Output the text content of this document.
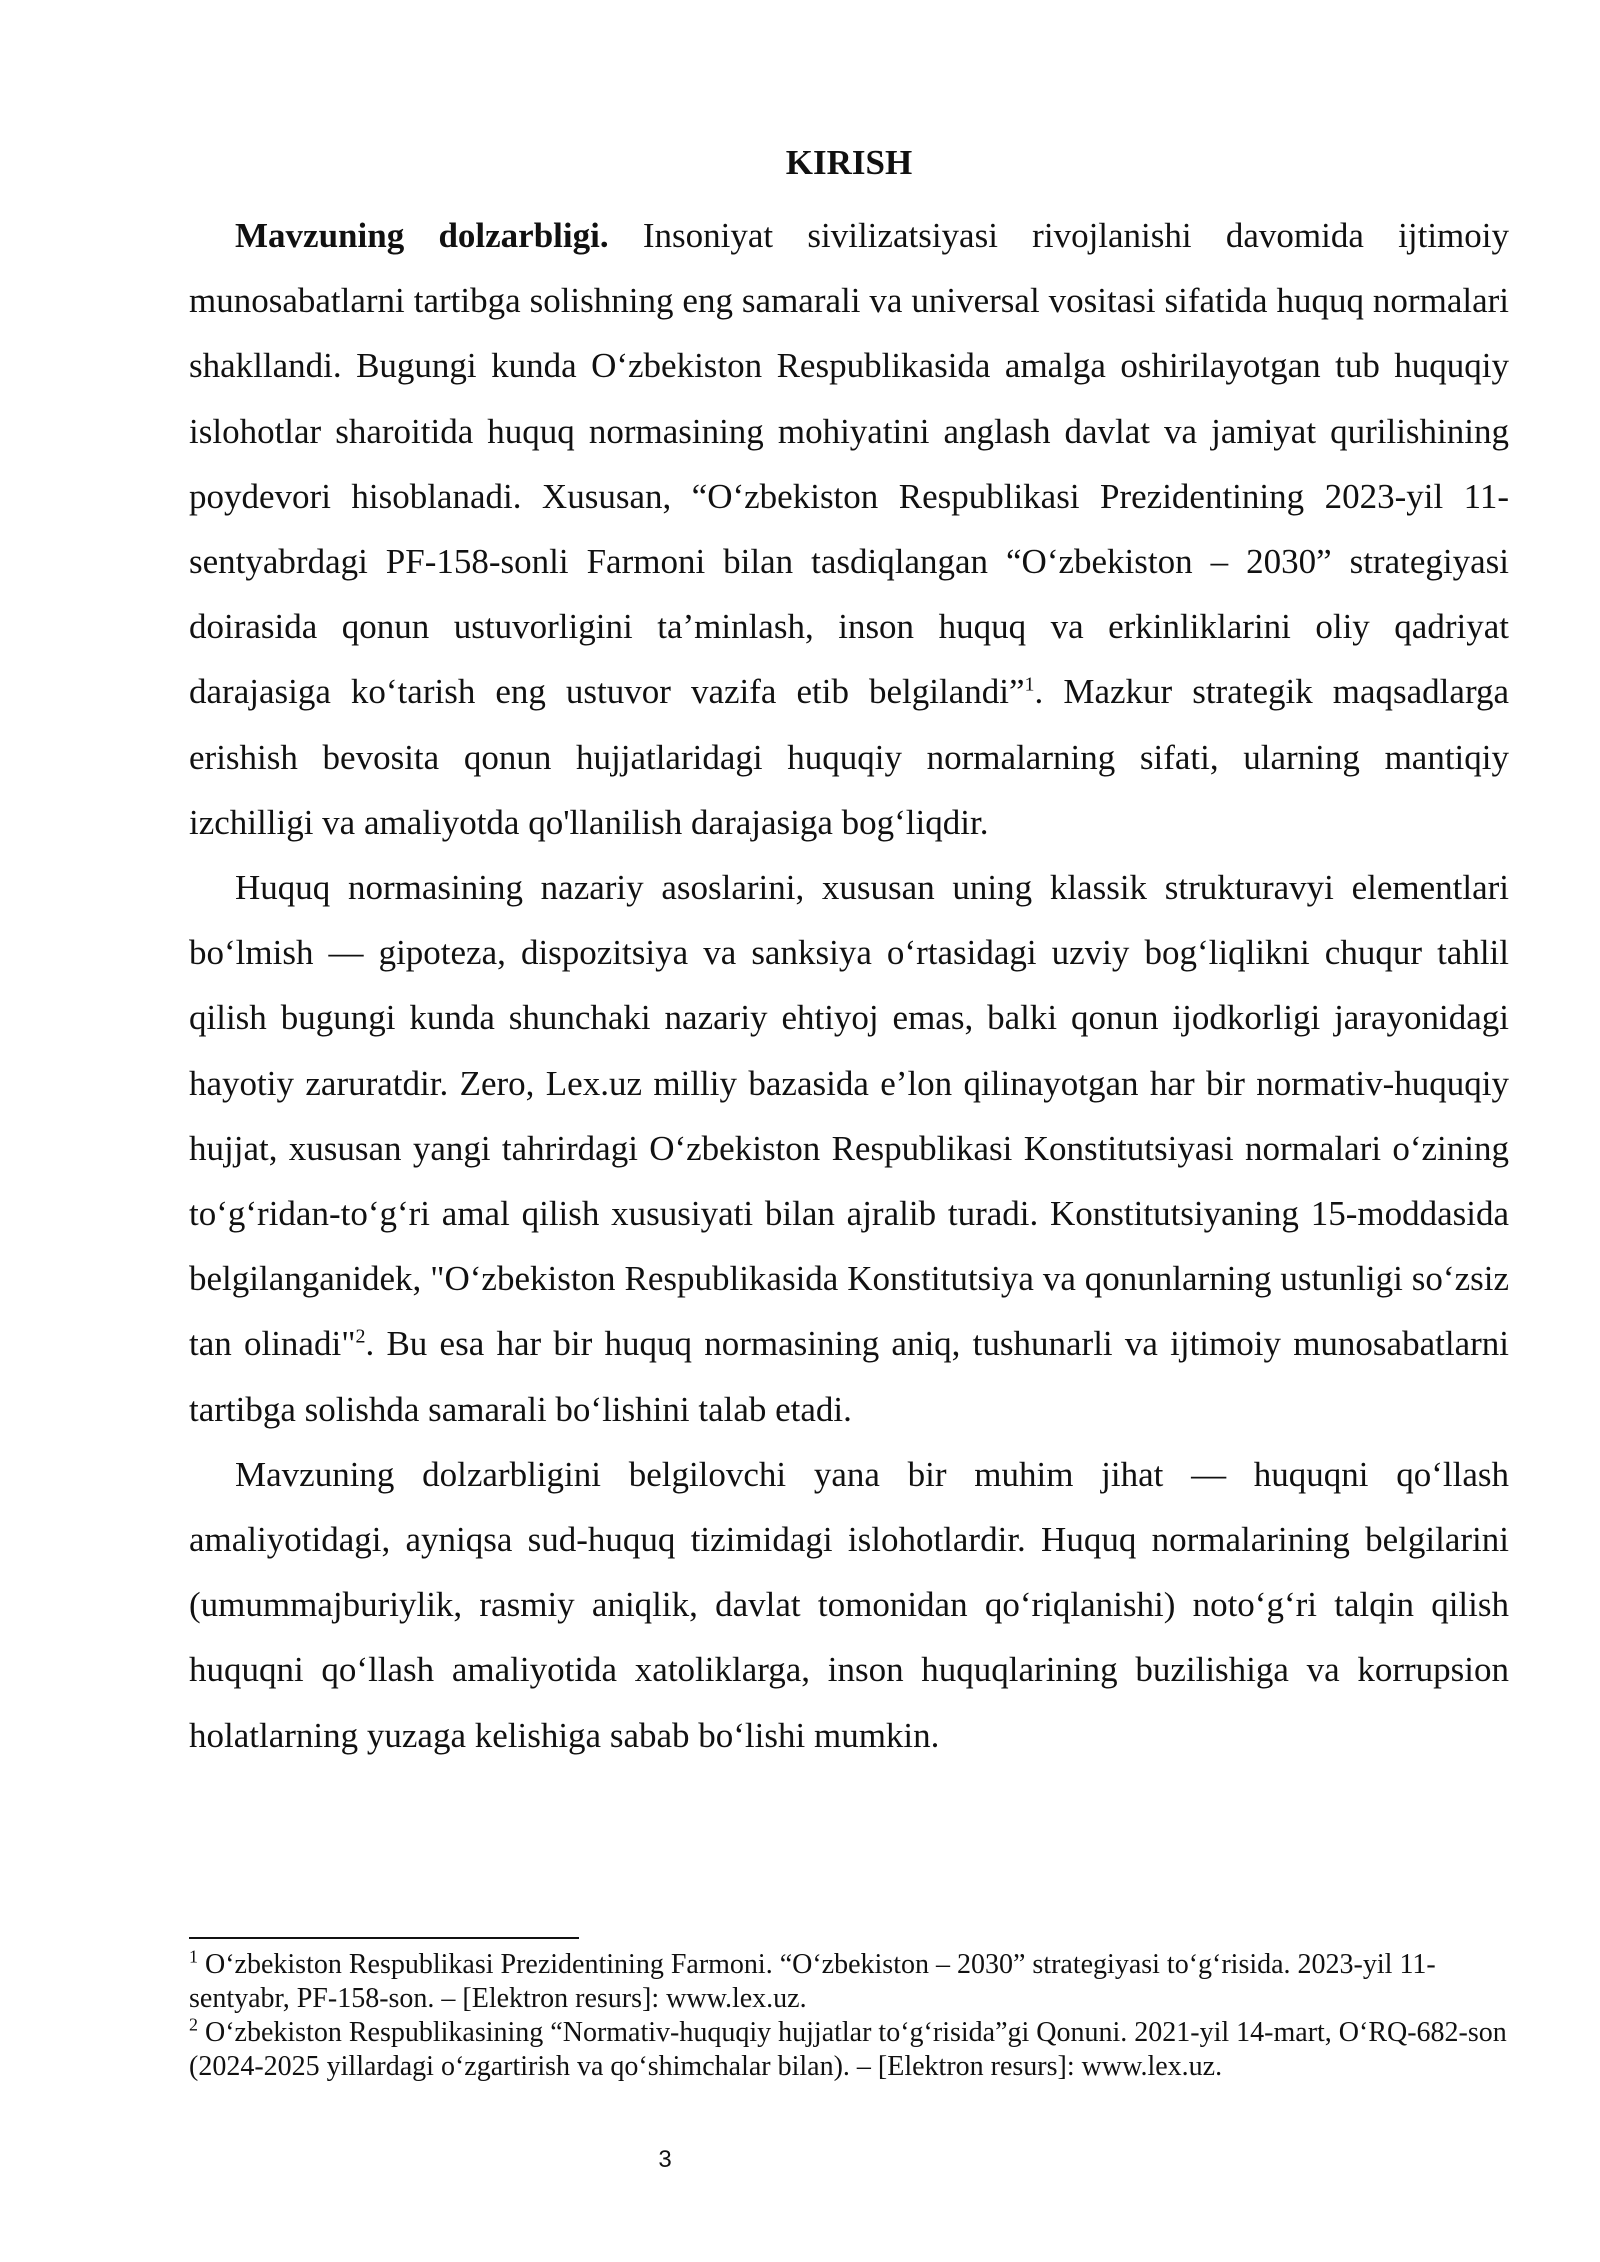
KIRISH

Mavzuning dolzarbligi. Insoniyat sivilizatsiyasi rivojlanishi davomida ijtimoiy munosabatlarni tartibga solishning eng samarali va universal vositasi sifatida huquq normalari shakllandi. Bugungi kunda O‘zbekiston Respublikasida amalga oshirilayotgan tub huquqiy islohotlar sharoitida huquq normasining mohiyatini anglash davlat va jamiyat qurilishining poydevori hisoblanadi. Xususan, “O‘zbekiston Respublikasi Prezidentining 2023-yil 11-sentyabrdagi PF-158-sonli Farmoni bilan tasdiqlangan “O‘zbekiston – 2030” strategiyasi doirasida qonun ustuvorligini ta’minlash, inson huquq va erkinliklarini oliy qadriyat darajasiga ko‘tarish eng ustuvor vazifa etib belgilandi”$^1$. Mazkur strategik maqsadlarga erishish bevosita qonun hujjatlaridagi huquqiy normalarning sifati, ularning mantiqiy izchilligi va amaliyotda qo'llanilish darajasiga bog‘liqdir.

Huquq normasining nazariy asoslarini, xususan uning klassik strukturavyi elementlari bo‘lmish — gipoteza, dispozitsiya va sanksiya o‘rtasidagi uzviy bog‘liqlikni chuqur tahlil qilish bugungi kunda shunchaki nazariy ehtiyoj emas, balki qonun ijodkorligi jarayonidagi hayotiy zaruratdir. Zero, Lex.uz milliy bazasida e’lon qilinayotgan har bir normativ-huquqiy hujjat, xususan yangi tahrirdagi O‘zbekiston Respublikasi Konstitutsiyasi normalari o‘zining to‘g‘ridan-to‘g‘ri amal qilish xususiyati bilan ajralib turadi. Konstitutsiyaning 15-moddasida belgilanganidek, "O‘zbekiston Respublikasida Konstitutsiya va qonunlarning ustunligi so‘zsiz tan olinadi"$^2$. Bu esa har bir huquq normasining aniq, tushunarli va ijtimoiy munosabatlarni tartibga solishda samarali bo‘lishini talab etadi.

Mavzuning dolzarbligini belgilovchi yana bir muhim jihat — huquqni qo‘llash amaliyotidagi, ayniqsa sud-huquq tizimidagi islohotlardir. Huquq normalarining belgilarini (umummajburiylik, rasmiy aniqlik, davlat tomonidan qo‘riqlanishi) noto‘g‘ri talqin qilish huquqni qo‘llash amaliyotida xatoliklarga, inson huquqlarining buzilishiga va korrupsion holatlarning yuzaga kelishiga sabab bo‘lishi mumkin.

$^1$ O‘zbekiston Respublikasi Prezidentining Farmoni. “O‘zbekiston – 2030” strategiyasi to‘g‘risida. 2023-yil 11-sentyabr, PF-158-son. – [Elektron resurs]: www.lex.uz.

$^2$ O‘zbekiston Respublikasining “Normativ-huquqiy hujjatlar to‘g‘risida”gi Qonuni. 2021-yil 14-mart, O‘RQ-682-son (2024-2025 yillardagi o‘zgartirish va qo‘shimchalar bilan). – [Elektron resurs]: www.lex.uz.

3
